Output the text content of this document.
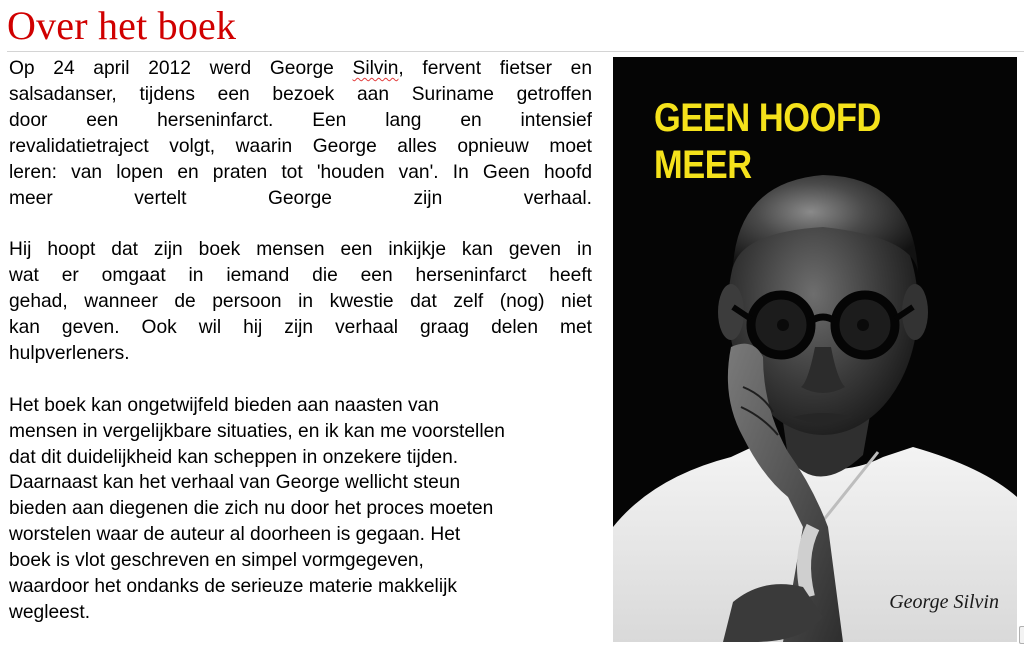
Over het boek

Op 24 april 2012 werd George Silvin, fervent fietser en
salsadanser, tijdens een bezoek aan Suriname getroffen
door een herseninfarct. Een lang en intensief
revalidatietraject volgt, waarin George alles opnieuw moet
leren: van lopen en praten tot 'houden van'. In Geen hoofd
meer vertelt George zijn verhaal.

Hij hoopt dat zijn boek mensen een inkijkje kan geven in
wat er omgaat in iemand die een herseninfarct heeft
gehad, wanneer de persoon in kwestie dat zelf (nog) niet
kan geven. Ook wil hij zijn verhaal graag delen met
hulpverleners.

Het boek kan ongetwijfeld bieden aan naasten van
mensen in vergelijkbare situaties, en ik kan me voorstellen
dat dit duidelijkheid kan scheppen in onzekere tijden.
Daarnaast kan het verhaal van George wellicht steun
bieden aan diegenen die zich nu door het proces moeten
worstelen waar de auteur al doorheen is gegaan. Het
boek is vlot geschreven en simpel vormgegeven,
waardoor het ondanks de serieuze materie makkelijk
wegleest.

GEEN HOOFD
MEER

George Silvin
